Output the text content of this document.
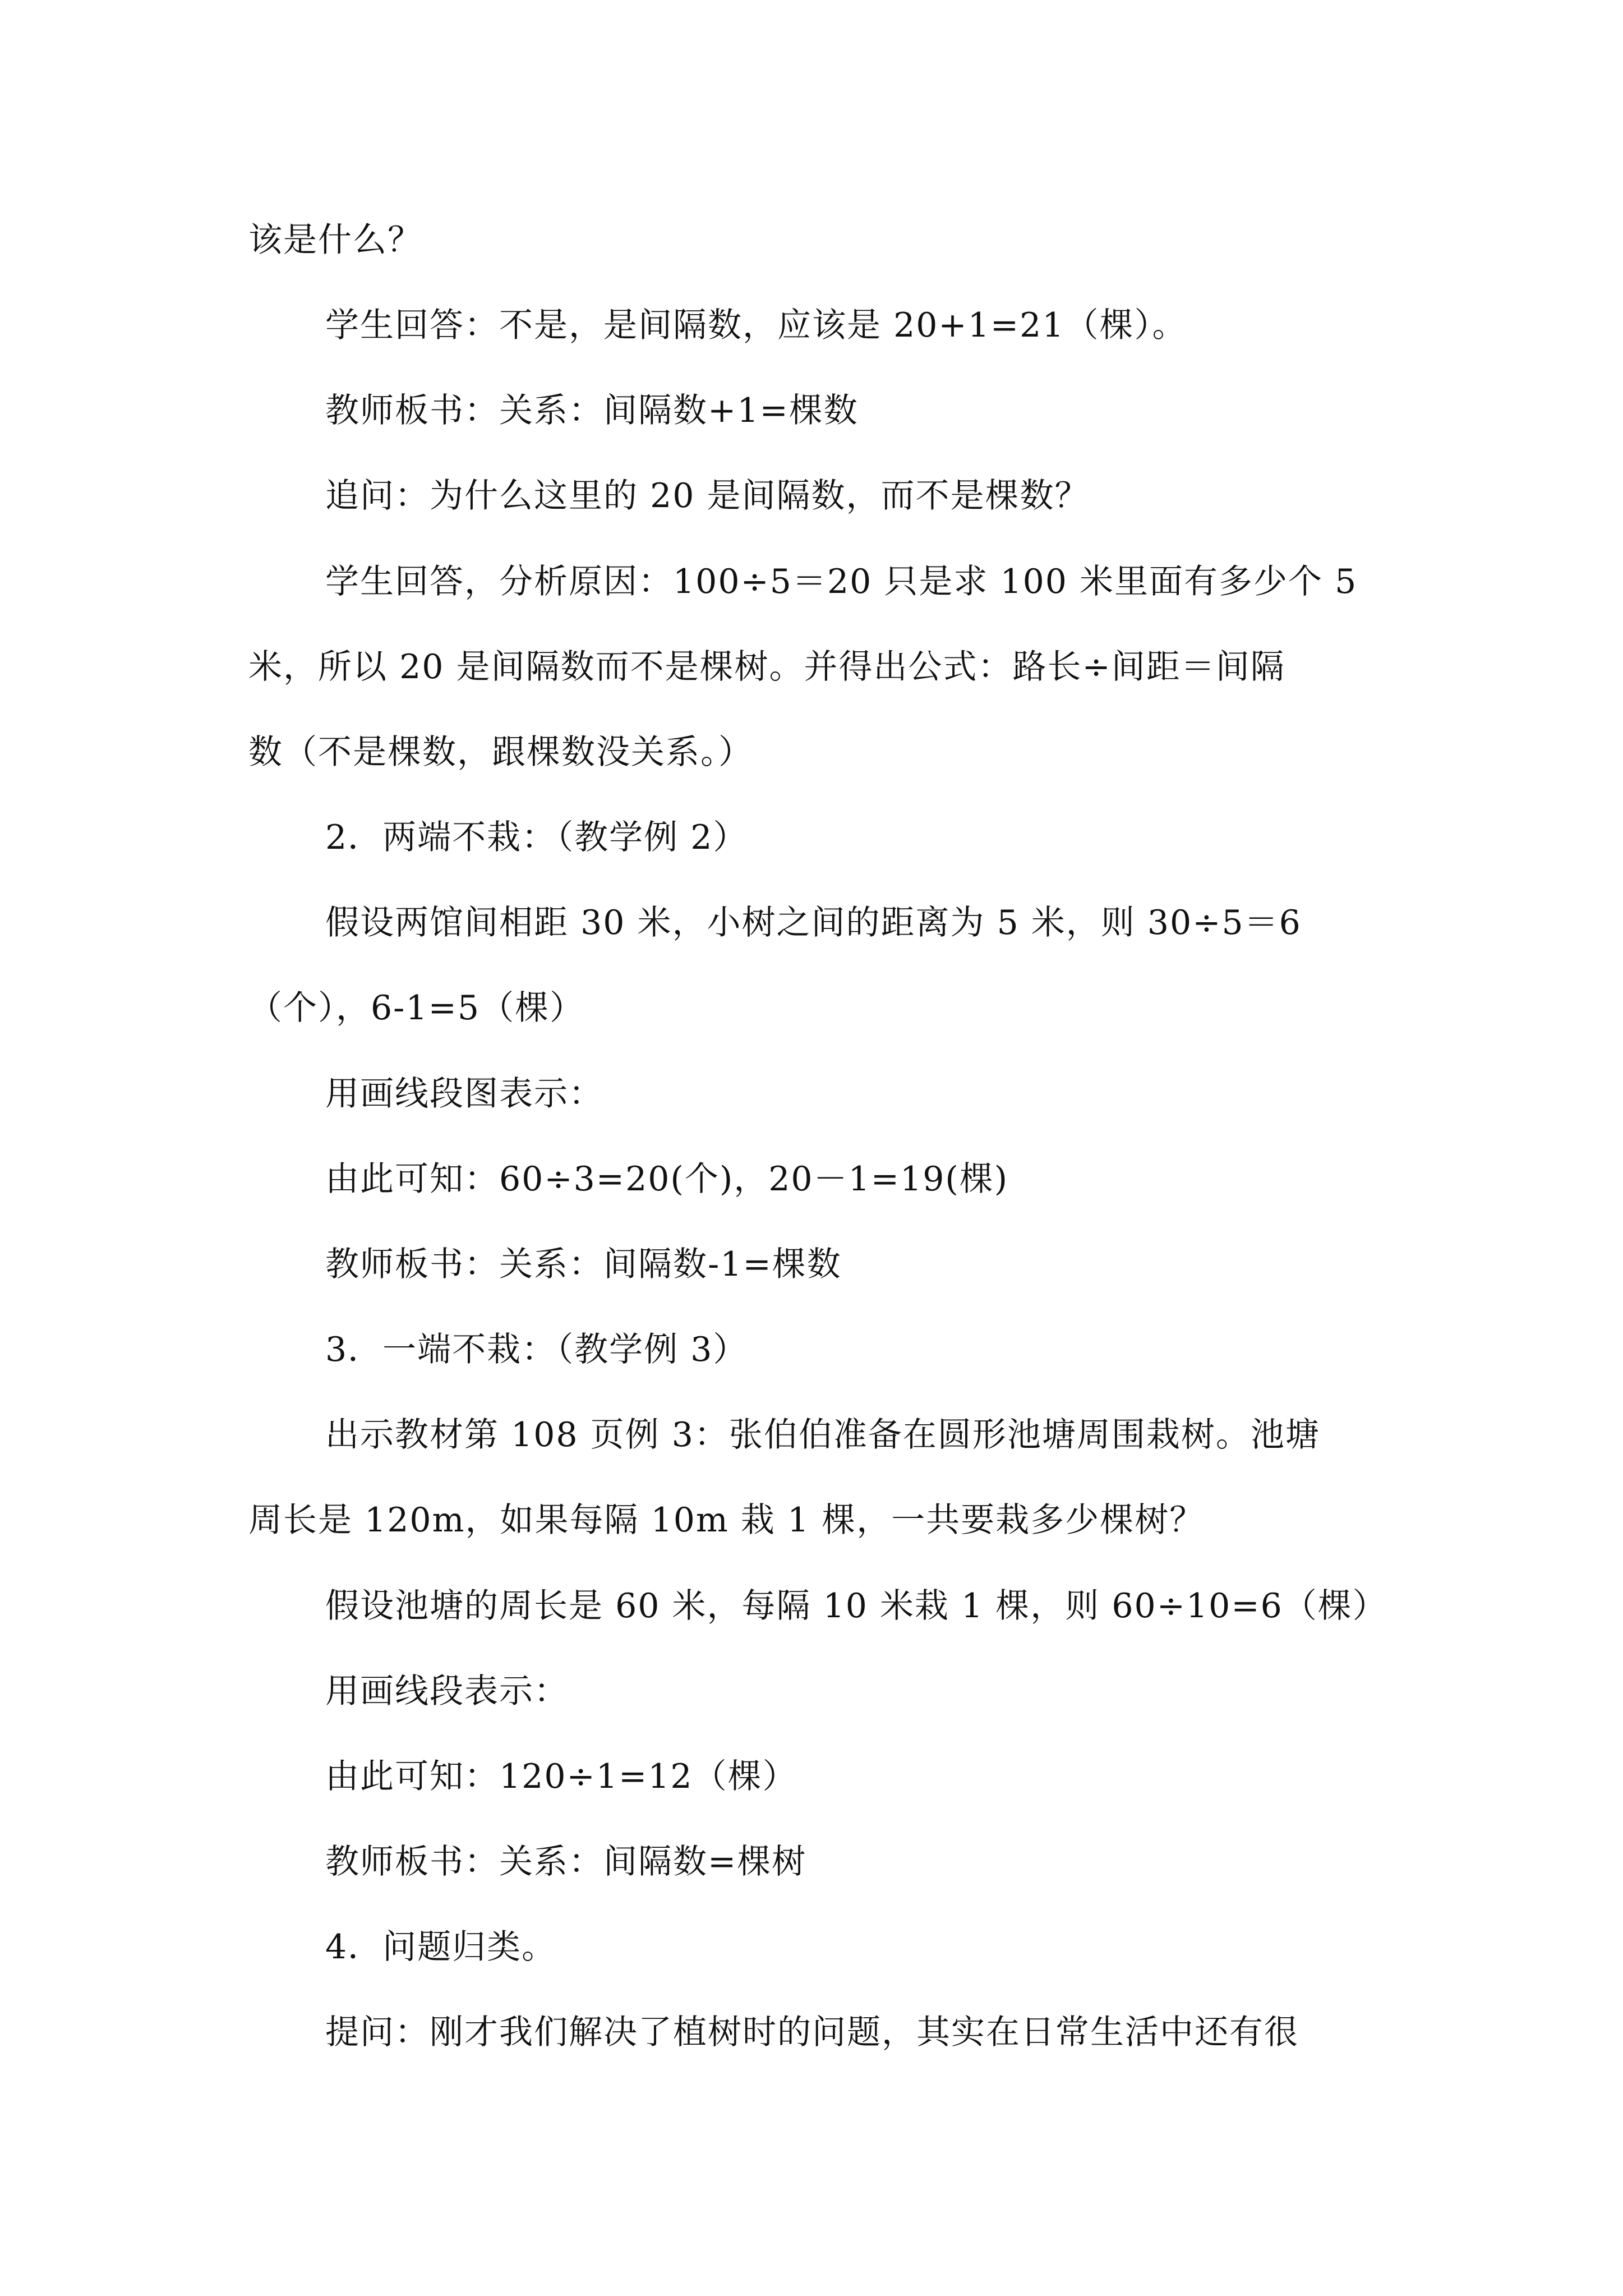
该是什么？
学生回答：不是，是间隔数，应该是 20+1=21（棵）。
教师板书：关系：间隔数+1=棵数
追问：为什么这里的 20 是间隔数，而不是棵数？
学生回答，分析原因：100÷5＝20 只是求 100 米里面有多少个 5
米，所以 20 是间隔数而不是棵树。并得出公式：路长÷间距＝间隔
数（不是棵数，跟棵数没关系。）
2．两端不栽：（教学例 2）
假设两馆间相距 30 米，小树之间的距离为 5 米，则 30÷5＝6
（个），6-1=5（棵）
用画线段图表示：
由此可知：60÷3=20(个)，20－1=19(棵)
教师板书：关系：间隔数-1=棵数
3．一端不栽：（教学例 3）
出示教材第 108 页例 3：张伯伯准备在圆形池塘周围栽树。池塘
周长是 120m，如果每隔 10m 栽 1 棵，一共要栽多少棵树？
假设池塘的周长是 60 米，每隔 10 米栽 1 棵，则 60÷10=6（棵）
用画线段表示：
由此可知：120÷1=12（棵）
教师板书：关系：间隔数=棵树
4．问题归类。
提问：刚才我们解决了植树时的问题，其实在日常生活中还有很
